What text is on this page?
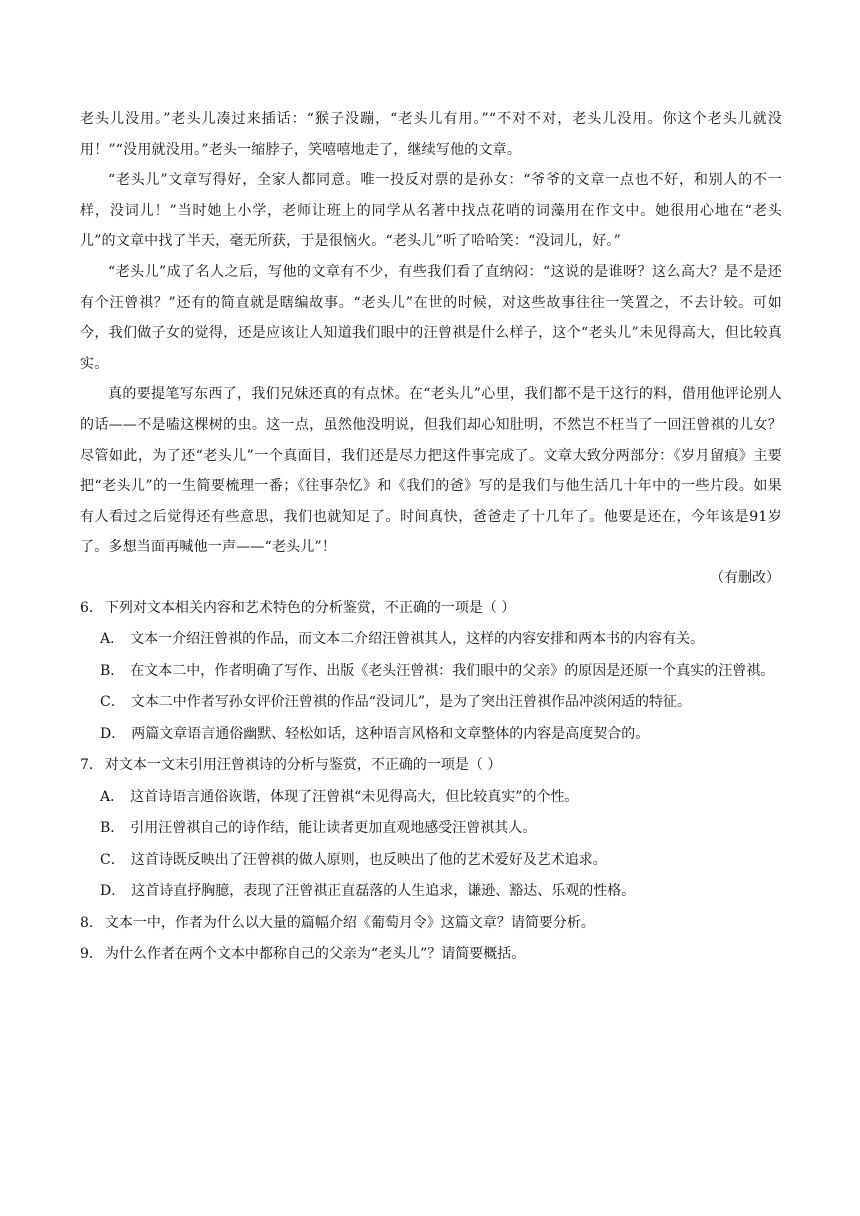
老头儿没用。”老头儿凑过来插话：“猴子没蹦，“老头儿有用。”“不对不对，老头儿没用。你这个老头儿就没用！”“没用就没用。”老头一缩脖子，笑嘻嘻地走了，继续写他的文章。

“老头儿”文章写得好，全家人都同意。唯一投反对票的是孙女：“爷爷的文章一点也不好，和别人的不一样，没词儿！”当时她上小学，老师让班上的同学从名著中找点花哨的词藻用在作文中。她很用心地在“老头儿”的文章中找了半天，毫无所获，于是很恼火。“老头儿”听了哈哈笑：“没词儿，好。”

“老头儿”成了名人之后，写他的文章有不少，有些我们看了直纳闷：“这说的是谁呀？这么高大？是不是还有个汪曾祺？”还有的简直就是瞎编故事。“老头儿”在世的时候，对这些故事往往一笑置之，不去计较。可如今，我们做子女的觉得，还是应该让人知道我们眼中的汪曾祺是什么样子，这个“老头儿”未见得高大，但比较真实。

真的要提笔写东西了，我们兄妹还真的有点怵。在“老头儿”心里，我们都不是干这行的料，借用他评论别人的话——不是嗑这棵树的虫。这一点，虽然他没明说，但我们却心知肚明，不然岂不枉当了一回汪曾祺的儿女？尽管如此，为了还“老头儿”一个真面目，我们还是尽力把这件事完成了。文章大致分两部分：《岁月留痕》主要把“老头儿”的一生简要梳理一番；《往事杂忆》和《我们的爸》写的是我们与他生活几十年中的一些片段。如果有人看过之后觉得还有些意思，我们也就知足了。时间真快，爸爸走了十几年了。他要是还在，今年该是91岁了。多想当面再喊他一声——“老头儿”！

（有删改）

6． 下列对文本相关内容和艺术特色的分析鉴赏，不正确的一项是（ ）

A． 文本一介绍汪曾祺的作品，而文本二介绍汪曾祺其人，这样的内容安排和两本书的内容有关。

B． 在文本二中，作者明确了写作、出版《老头汪曾祺：我们眼中的父亲》的原因是还原一个真实的汪曾祺。

C． 文本二中作者写孙女评价汪曾祺的作品“没词儿”，是为了突出汪曾祺作品冲淡闲适的特征。

D． 两篇文章语言通俗幽默、轻松如话，这种语言风格和文章整体的内容是高度契合的。

7． 对文本一文末引用汪曾祺诗的分析与鉴赏，不正确的一项是（ ）

A． 这首诗语言通俗诙谐，体现了汪曾祺“未见得高大，但比较真实”的个性。

B． 引用汪曾祺自己的诗作结，能让读者更加直观地感受汪曾祺其人。

C． 这首诗既反映出了汪曾祺的做人原则，也反映出了他的艺术爱好及艺术追求。

D． 这首诗直抒胸臆，表现了汪曾祺正直磊落的人生追求，谦逊、豁达、乐观的性格。

8． 文本一中，作者为什么以大量的篇幅介绍《葡萄月令》这篇文章？请简要分析。

9． 为什么作者在两个文本中都称自己的父亲为“老头儿”？请简要概括。
